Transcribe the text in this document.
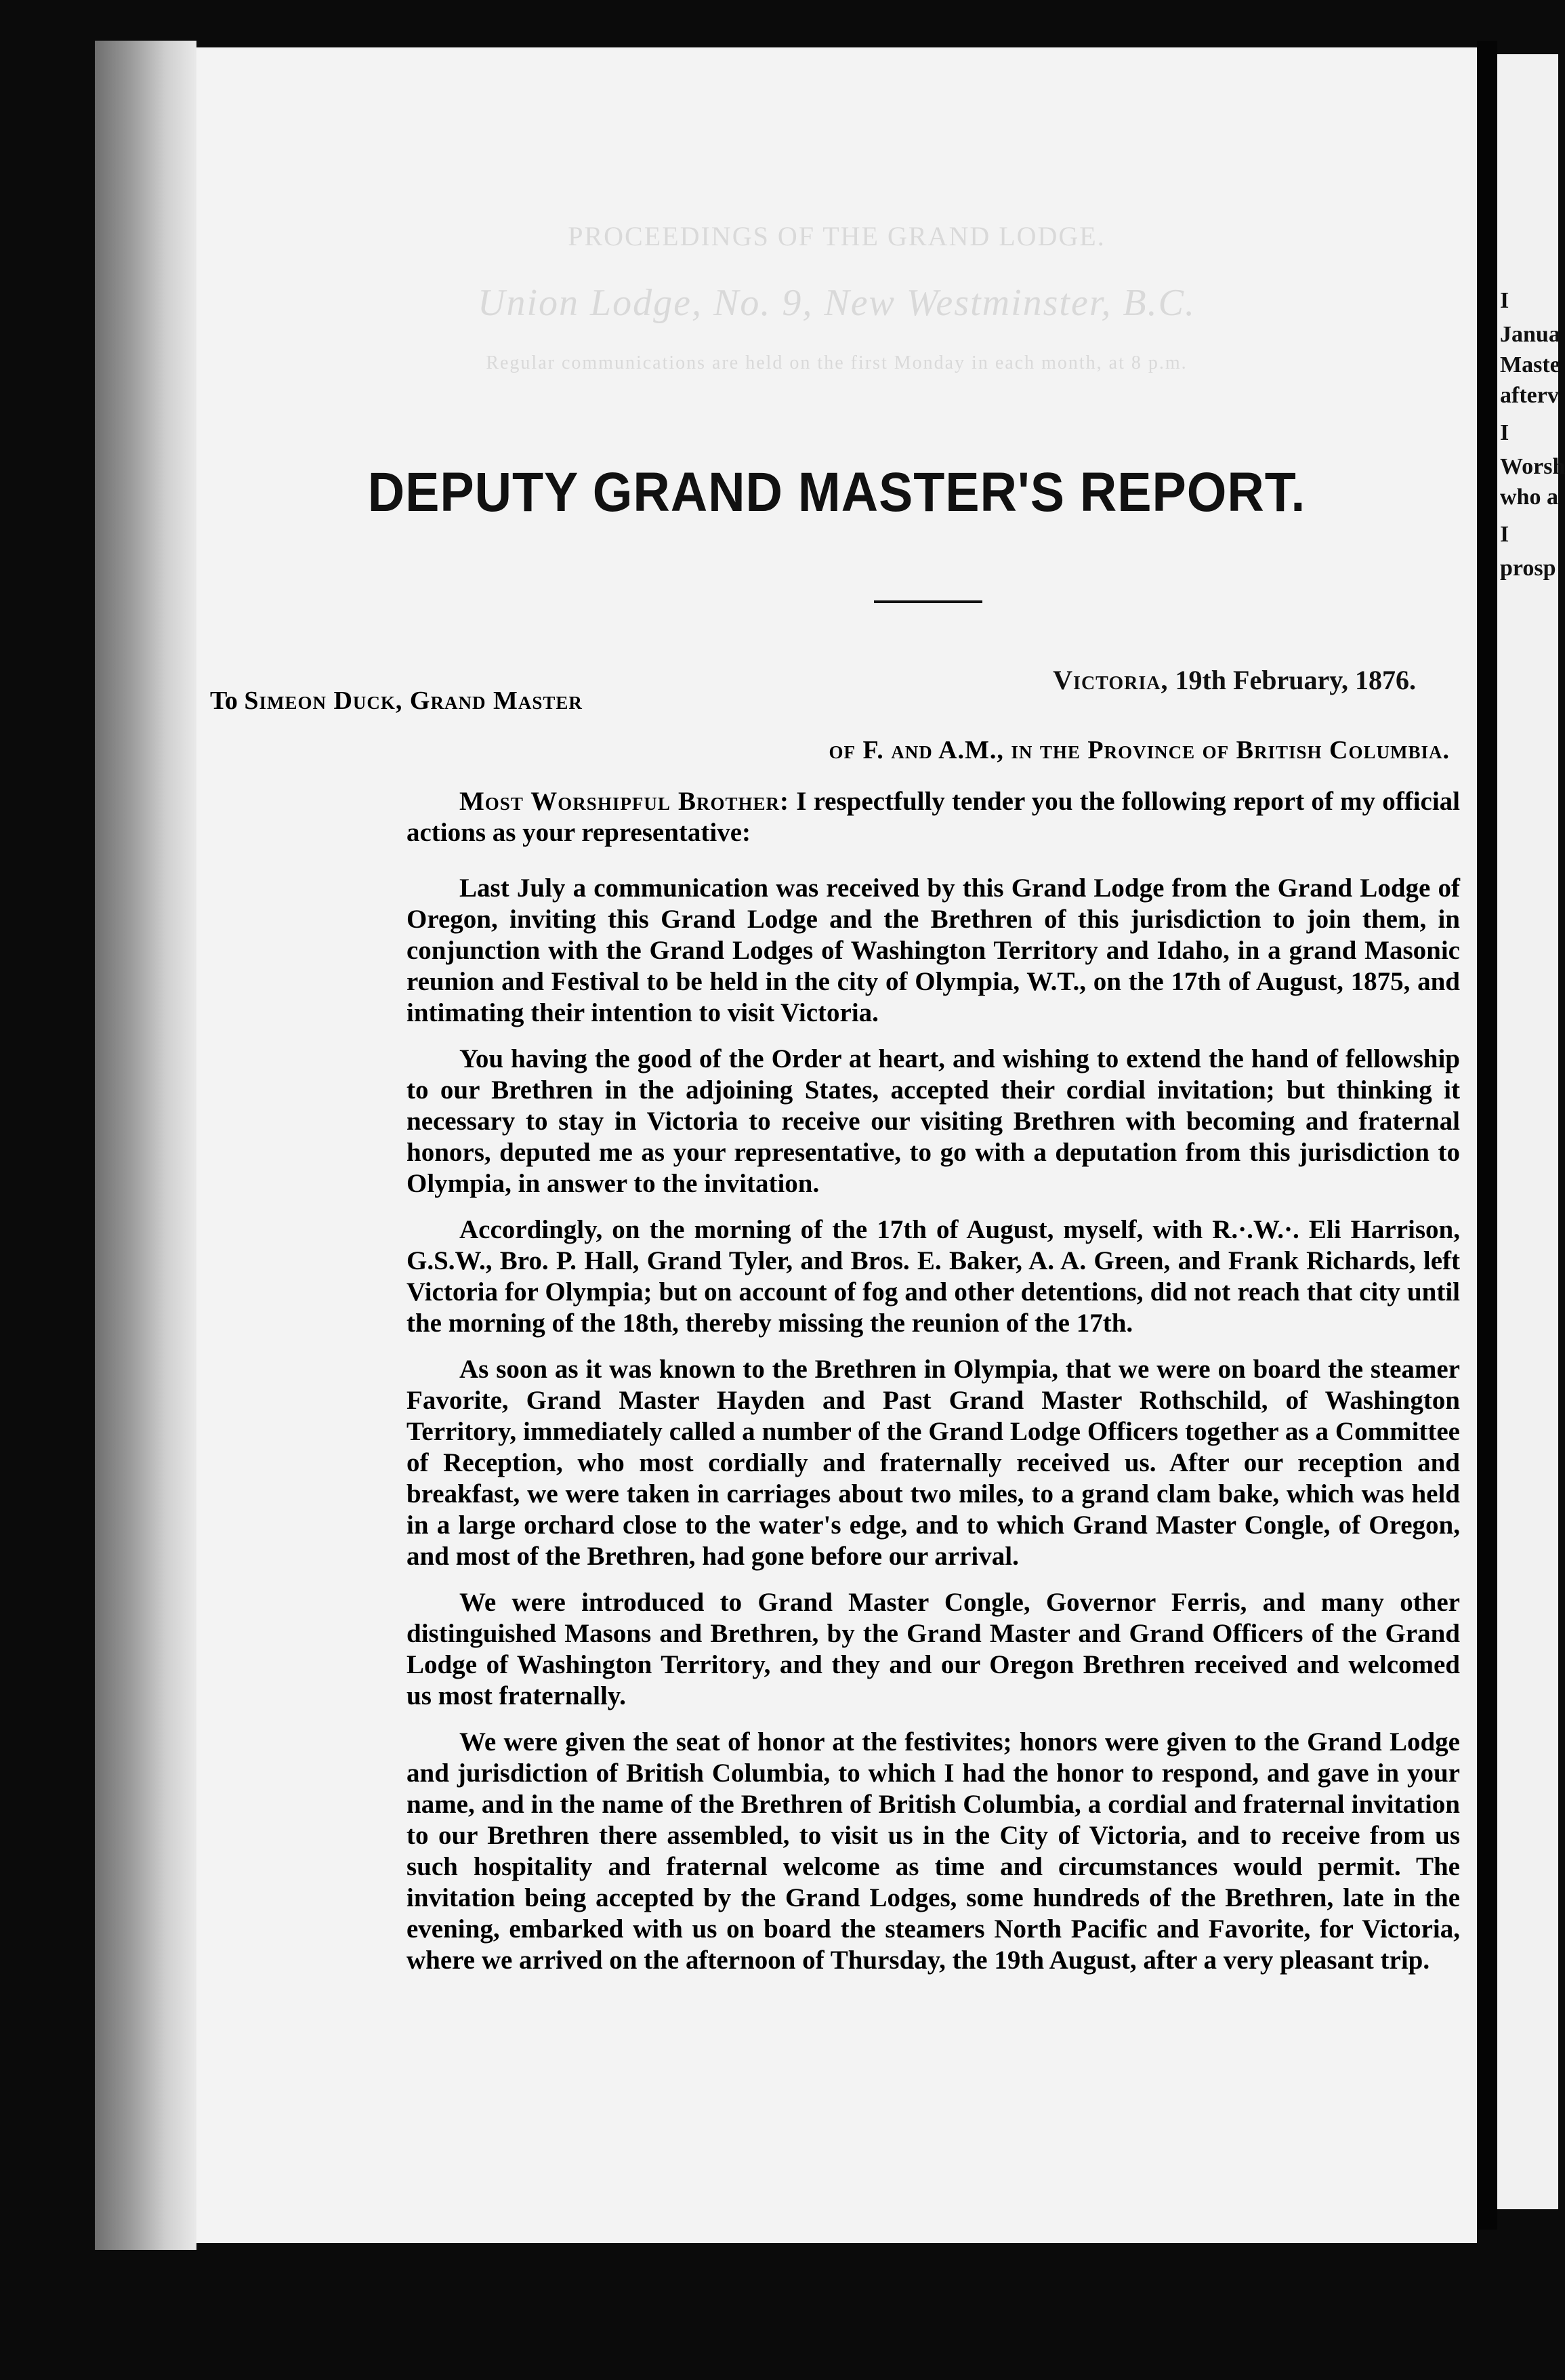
PROCEEDINGS OF THE GRAND LODGE.
Union Lodge, No. 9, New Westminster, B.C.
Regular communications are held on the first Monday in each month, at 8 p.m.
DEPUTY GRAND MASTER'S REPORT.
Victoria, 19th February, 1876.
To Simeon Duck, Grand Master
of F. and A.M., in the Province of British Columbia.

Most Worshipful Brother: I respectfully tender you the following report of my official actions as your representative:

Last July a communication was received by this Grand Lodge from the Grand Lodge of Oregon, inviting this Grand Lodge and the Brethren of this jurisdiction to join them, in conjunction with the Grand Lodges of Washington Territory and Idaho, in a grand Masonic reunion and Festival to be held in the city of Olympia, W.T., on the 17th of August, 1875, and intimating their intention to visit Victoria.

You having the good of the Order at heart, and wishing to extend the hand of fellowship to our Brethren in the adjoining States, accepted their cordial invitation; but thinking it necessary to stay in Victoria to receive our visiting Brethren with becoming and fraternal honors, deputed me as your representative, to go with a deputation from this jurisdiction to Olympia, in answer to the invitation.

Accordingly, on the morning of the 17th of August, myself, with R.·.W.·. Eli Harrison, G.S.W., Bro. P. Hall, Grand Tyler, and Bros. E. Baker, A. A. Green, and Frank Richards, left Victoria for Olympia; but on account of fog and other detentions, did not reach that city until the morning of the 18th, thereby missing the reunion of the 17th.

As soon as it was known to the Brethren in Olympia, that we were on board the steamer Favorite, Grand Master Hayden and Past Grand Master Rothschild, of Washington Territory, immediately called a number of the Grand Lodge Officers together as a Committee of Reception, who most cordially and fraternally received us. After our reception and breakfast, we were taken in carriages about two miles, to a grand clam bake, which was held in a large orchard close to the water's edge, and to which Grand Master Congle, of Oregon, and most of the Brethren, had gone before our arrival.

We were introduced to Grand Master Congle, Governor Ferris, and many other distinguished Masons and Brethren, by the Grand Master and Grand Officers of the Grand Lodge of Washington Territory, and they and our Oregon Brethren received and welcomed us most fraternally.

We were given the seat of honor at the festivites; honors were given to the Grand Lodge and jurisdiction of British Columbia, to which I had the honor to respond, and gave in your name, and in the name of the Brethren of British Columbia, a cordial and fraternal invitation to our Brethren there assembled, to visit us in the City of Victoria, and to receive from us such hospitality and fraternal welcome as time and circumstances would permit. The invitation being accepted by the Grand Lodges, some hundreds of the Brethren, late in the evening, embarked with us on board the steamers North Pacific and Favorite, for Victoria, where we arrived on the afternoon of Thursday, the 19th August, after a very pleasant trip.

I
Janua
Maste
afterv
I
Worsh
who a
I
prosp
